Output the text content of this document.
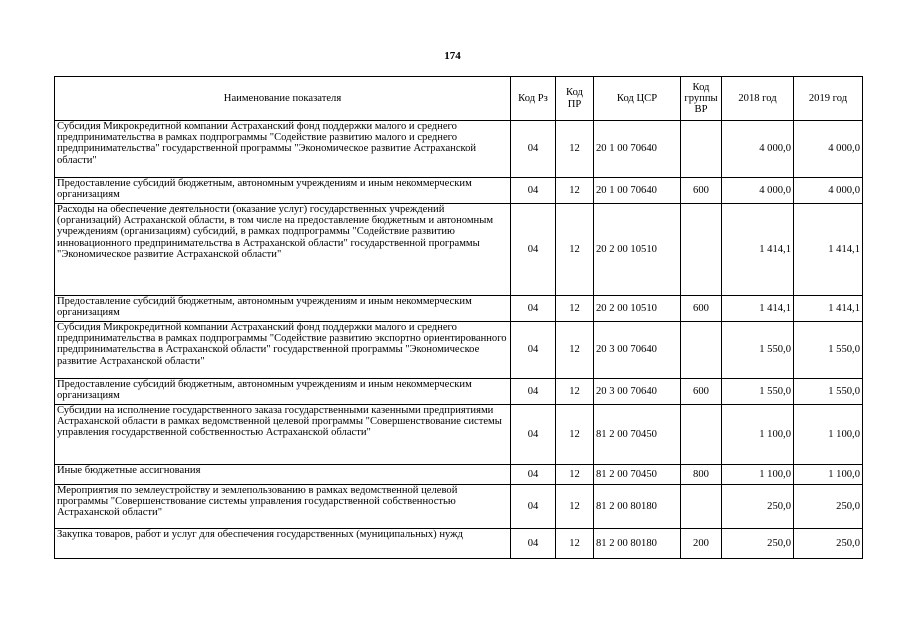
174
Наименование показателя	Код Рз	Код ПР	Код ЦСР	Код группы ВР	2018 год	2019 год
Субсидия Микрокредитной компании Астраханский фонд поддержки малого и среднего предпринимательства в рамках подпрограммы "Содействие развитию малого и среднего предпринимательства" государственной программы "Экономическое развитие Астраханской области"	04	12	20 1 00 70640		4 000,0	4 000,0
Предоставление субсидий бюджетным, автономным учреждениям и иным некоммерческим организациям	04	12	20 1 00 70640	600	4 000,0	4 000,0
Расходы на обеспечение деятельности (оказание услуг) государственных учреждений (организаций) Астраханской области, в том числе на предоставление бюджетным и автономным учреждениям (организациям) субсидий, в рамках подпрограммы "Содействие развитию инновационного предпринимательства в Астраханской области" государственной программы "Экономическое развитие Астраханской области"	04	12	20 2 00 10510		1 414,1	1 414,1
Предоставление субсидий бюджетным, автономным учреждениям и иным некоммерческим организациям	04	12	20 2 00 10510	600	1 414,1	1 414,1
Субсидия Микрокредитной компании Астраханский фонд поддержки малого и среднего предпринимательства в рамках подпрограммы "Содействие развитию экспортно ориентированного предпринимательства в Астраханской области" государственной программы "Экономическое развитие Астраханской области"	04	12	20 3 00 70640		1 550,0	1 550,0
Предоставление субсидий бюджетным, автономным учреждениям и иным некоммерческим организациям	04	12	20 3 00 70640	600	1 550,0	1 550,0
Субсидии на исполнение государственного заказа государственными казенными предприятиями Астраханской области в рамках ведомственной целевой программы "Совершенствование системы управления государственной собственностью Астраханской области"	04	12	81 2 00 70450		1 100,0	1 100,0
Иные бюджетные ассигнования	04	12	81 2 00 70450	800	1 100,0	1 100,0
Мероприятия по землеустройству и землепользованию в рамках ведомственной целевой программы "Совершенствование системы управления государственной собственностью Астраханской области"	04	12	81 2 00 80180		250,0	250,0
Закупка товаров, работ и услуг для обеспечения государственных (муниципальных) нужд	04	12	81 2 00 80180	200	250,0	250,0
